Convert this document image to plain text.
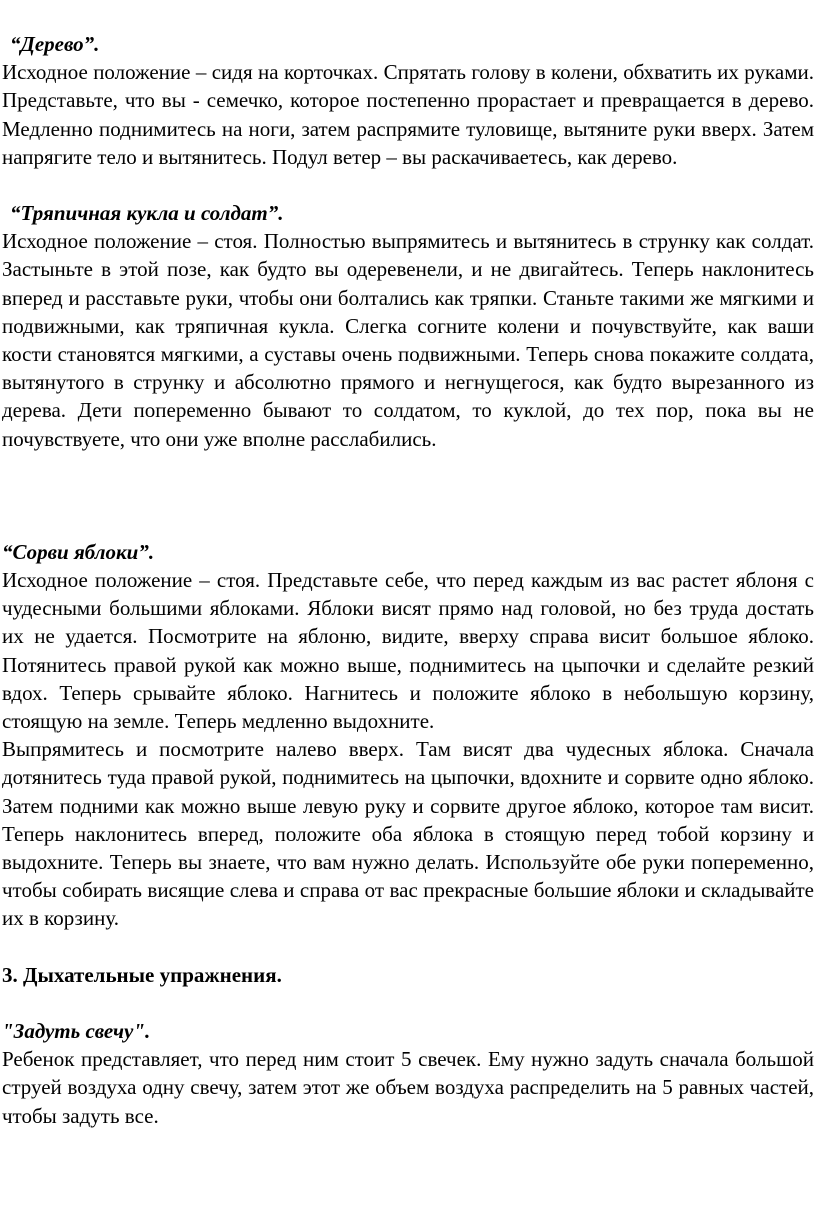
“Дерево”.

Исходное положение – сидя на корточках. Спрятать голову в колени, обхватить их руками. Представьте, что вы - семечко, которое постепенно прорастает и превращается в дерево. Медленно поднимитесь на ноги, затем распрямите туловище, вытяните руки вверх. Затем напрягите тело и вытянитесь. Подул ветер – вы раскачиваетесь, как дерево.

“Тряпичная кукла и солдат”.

Исходное положение – стоя. Полностью выпрямитесь и вытянитесь в струнку как солдат. Застыньте в этой позе, как будто вы одеревенели, и не двигайтесь. Теперь наклонитесь вперед и расставьте руки, чтобы они болтались как тряпки. Станьте такими же мягкими и подвижными, как тряпичная кукла. Слегка согните колени и почувствуйте, как ваши кости становятся мягкими, а суставы очень подвижными. Теперь снова покажите солдата, вытянутого в струнку и абсолютно прямого и негнущегося, как будто вырезанного из дерева. Дети попеременно бывают то солдатом, то куклой, до тех пор, пока вы не почувствуете, что они уже вполне расслабились.

“Сорви яблоки”.

Исходное положение – стоя. Представьте себе, что перед каждым из вас растет яблоня с чудесными большими яблоками. Яблоки висят прямо над головой, но без труда достать их не удается. Посмотрите на яблоню, видите, вверху справа висит большое яблоко. Потянитесь правой рукой как можно выше, поднимитесь на цыпочки и сделайте резкий вдох. Теперь срывайте яблоко. Нагнитесь и положите яблоко в небольшую корзину, стоящую на земле. Теперь медленно выдохните.

Выпрямитесь и посмотрите налево вверх. Там висят два чудесных яблока. Сначала дотянитесь туда правой рукой, поднимитесь на цыпочки, вдохните и сорвите одно яблоко. Затем подними как можно выше левую руку и сорвите другое яблоко, которое там висит. Теперь наклонитесь вперед, положите оба яблока в стоящую перед тобой корзину и выдохните. Теперь вы знаете, что вам нужно делать. Используйте обе руки попеременно, чтобы собирать висящие слева и справа от вас прекрасные большие яблоки и складывайте их в корзину.

3. Дыхательные упражнения.

"Задуть свечу".

Ребенок представляет, что перед ним стоит 5 свечек. Ему нужно задуть сначала большой струей воздуха одну свечу, затем этот же объем воздуха распределить на 5 равных частей, чтобы задуть все.
